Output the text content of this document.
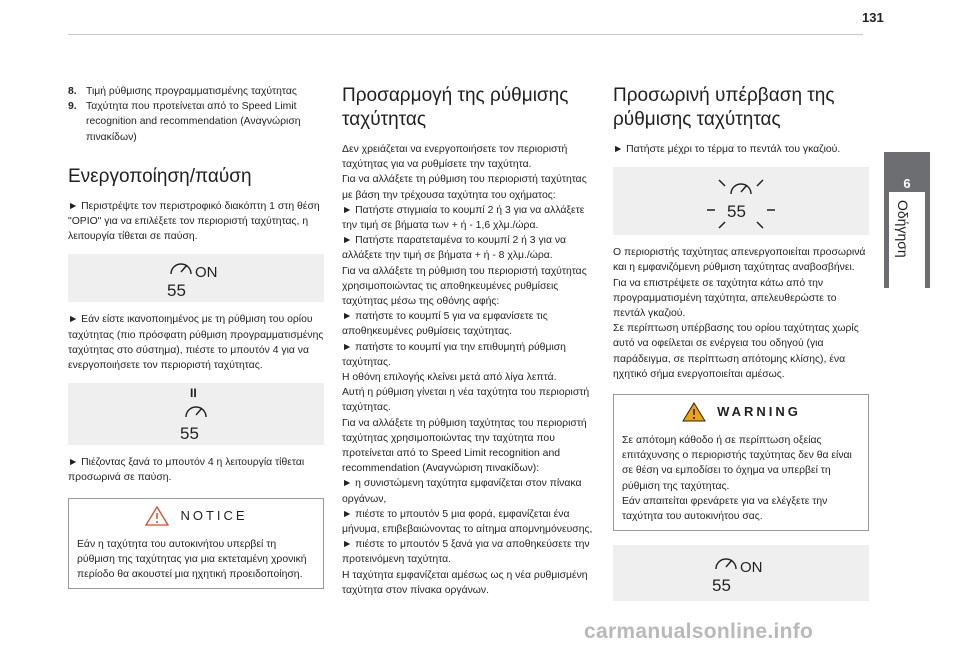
131
6
Οδήγηση
8. Τιμή ρύθμισης προγραμματισμένης ταχύτητας
9. Ταχύτητα που προτείνεται από το Speed Limit recognition and recommendation (Αναγνώριση πινακίδων)
Ενεργοποίηση/παύση

► Περιστρέψτε τον περιστροφικό διακόπτη 1 στη θέση "OPIO" για να επιλέξετε τον περιοριστή ταχύτητας, η λειτουργία τίθεται σε παύση.

ON
55

► Εάν είστε ικανοποιημένος με τη ρύθμιση του ορίου ταχύτητας (πιο πρόσφατη ρύθμιση προγραμματισμένης ταχύτητας στο σύστημα), πιέστε το μπουτόν 4 για να ενεργοποιήσετε τον περιοριστή ταχύτητας.

II
55

► Πιέζοντας ξανά το μπουτόν 4 η λειτουργία τίθεται προσωρινά σε παύση.

NOTICE
Εάν η ταχύτητα του αυτοκινήτου υπερβεί τη ρύθμιση της ταχύτητας για μια εκτεταμένη χρονική περίοδο θα ακουστεί μια ηχητική προειδοποίηση.
Προσαρμογή της ρύθμισης ταχύτητας

Δεν χρειάζεται να ενεργοποιήσετε τον περιοριστή ταχύτητας για να ρυθμίσετε την ταχύτητα.
Για να αλλάξετε τη ρύθμιση του περιοριστή ταχύτητας με βάση την τρέχουσα ταχύτητα του οχήματος:
► Πατήστε στιγμιαία το κουμπί 2 ή 3 για να αλλάξετε την τιμή σε βήματα των + ή - 1,6 χλμ./ώρα.
► Πατήστε παρατεταμένα το κουμπί 2 ή 3 για να αλλάξετε την τιμή σε βήματα + ή - 8 χλμ./ώρα.
Για να αλλάξετε τη ρύθμιση του περιοριστή ταχύτητας χρησιμοποιώντας τις αποθηκευμένες ρυθμίσεις ταχύτητας μέσω της οθόνης αφής:
► πατήστε το κουμπί 5 για να εμφανίσετε τις αποθηκευμένες ρυθμίσεις ταχύτητας.
► πατήστε το κουμπί για την επιθυμητή ρύθμιση ταχύτητας.
Η οθόνη επιλογής κλείνει μετά από λίγα λεπτά.
Αυτή η ρύθμιση γίνεται η νέα ταχύτητα του περιοριστή ταχύτητας.
Για να αλλάξετε τη ρύθμιση ταχύτητας του περιοριστή ταχύτητας χρησιμοποιώντας την ταχύτητα που προτείνεται από το Speed Limit recognition and recommendation (Αναγνώριση πινακίδων):
► η συνιστώμενη ταχύτητα εμφανίζεται στον πίνακα οργάνων,
► πιέστε το μπουτόν 5 μια φορά, εμφανίζεται ένα μήνυμα, επιβεβαιώνοντας το αίτημα απομνημόνευσης,
► πιέστε το μπουτόν 5 ξανά για να αποθηκεύσετε την προτεινόμενη ταχύτητα.
Η ταχύτητα εμφανίζεται αμέσως ως η νέα ρυθμισμένη ταχύτητα στον πίνακα οργάνων.

Προσωρινή υπέρβαση της ρύθμισης ταχύτητας

► Πατήστε μέχρι το τέρμα το πεντάλ του γκαζιού.

55

Ο περιοριστής ταχύτητας απενεργοποιείται προσωρινά και η εμφανιζόμενη ρύθμιση ταχύτητας αναβοσβήνει.
Για να επιστρέψετε σε ταχύτητα κάτω από την προγραμματισμένη ταχύτητα, απελευθερώστε το πεντάλ γκαζιού.
Σε περίπτωση υπέρβασης του ορίου ταχύτητας χωρίς αυτό να οφείλεται σε ενέργεια του οδηγού (για παράδειγμα, σε περίπτωση απότομης κλίσης), ένα ηχητικό σήμα ενεργοποιείται αμέσως.

WARNING
Σε απότομη κάθοδο ή σε περίπτωση οξείας επιτάχυνσης ο περιοριστής ταχύτητας δεν θα είναι σε θέση να εμποδίσει το όχημα να υπερβεί τη ρύθμιση της ταχύτητας.
Εάν απαιτείται φρενάρετε για να ελέγξετε την ταχύτητα του αυτοκινήτου σας.
ON
55
carmanualsonline.info
